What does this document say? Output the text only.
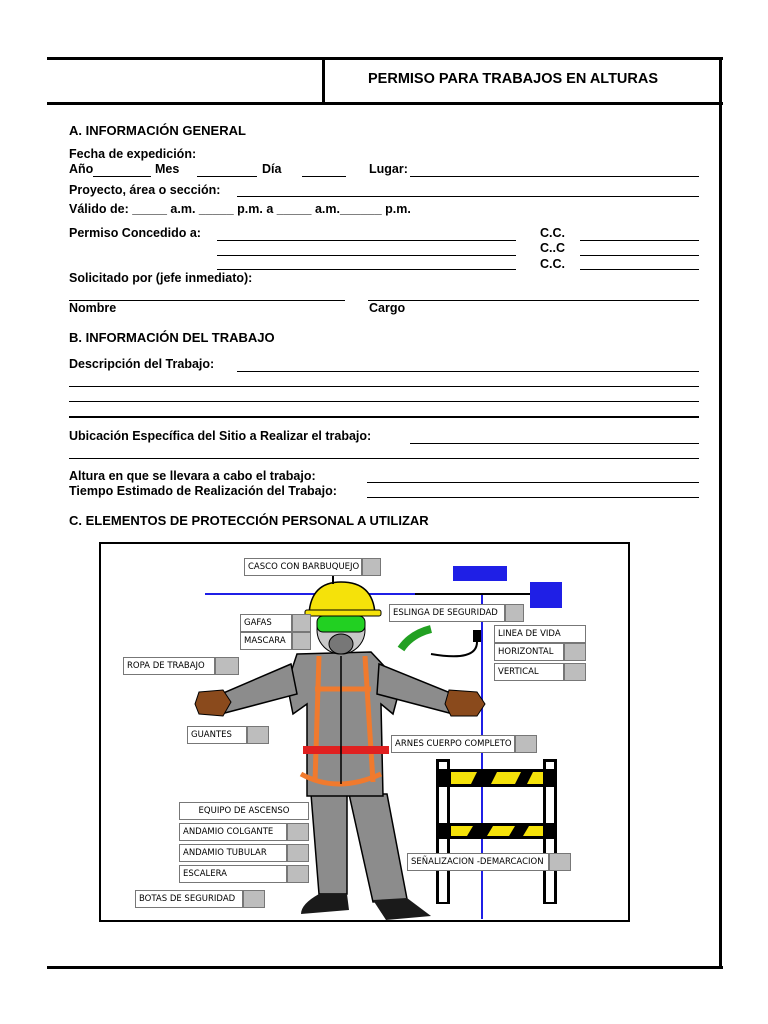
PERMISO PARA TRABAJOS EN ALTURAS
A. INFORMACIÓN GENERAL
Fecha de expedición:
Año	Mes	Día	Lugar:
Proyecto, área o sección:
Válido de: _____ a.m. _____ p.m. a _____ a.m.______ p.m.
Permiso Concedido a:	C.C.
C..C
C.C.
Solicitado por (jefe inmediato):
Nombre	Cargo
B. INFORMACIÓN DEL TRABAJO
Descripción del Trabajo:
Ubicación Específica del Sitio a Realizar el trabajo:
Altura en que se llevara a cabo el trabajo:
Tiempo Estimado de Realización del Trabajo:
C. ELEMENTOS DE PROTECCIÓN PERSONAL A UTILIZAR
CASCO CON BARBUQUEJO
GAFAS
MASCARA
ROPA DE TRABAJO
GUANTES
ESLINGA DE SEGURIDAD
LINEA DE VIDA
HORIZONTAL
VERTICAL
ARNES CUERPO COMPLETO
EQUIPO DE ASCENSO
ANDAMIO COLGANTE
ANDAMIO TUBULAR
ESCALERA
BOTAS DE SEGURIDAD
SEÑALIZACION -DEMARCACION
